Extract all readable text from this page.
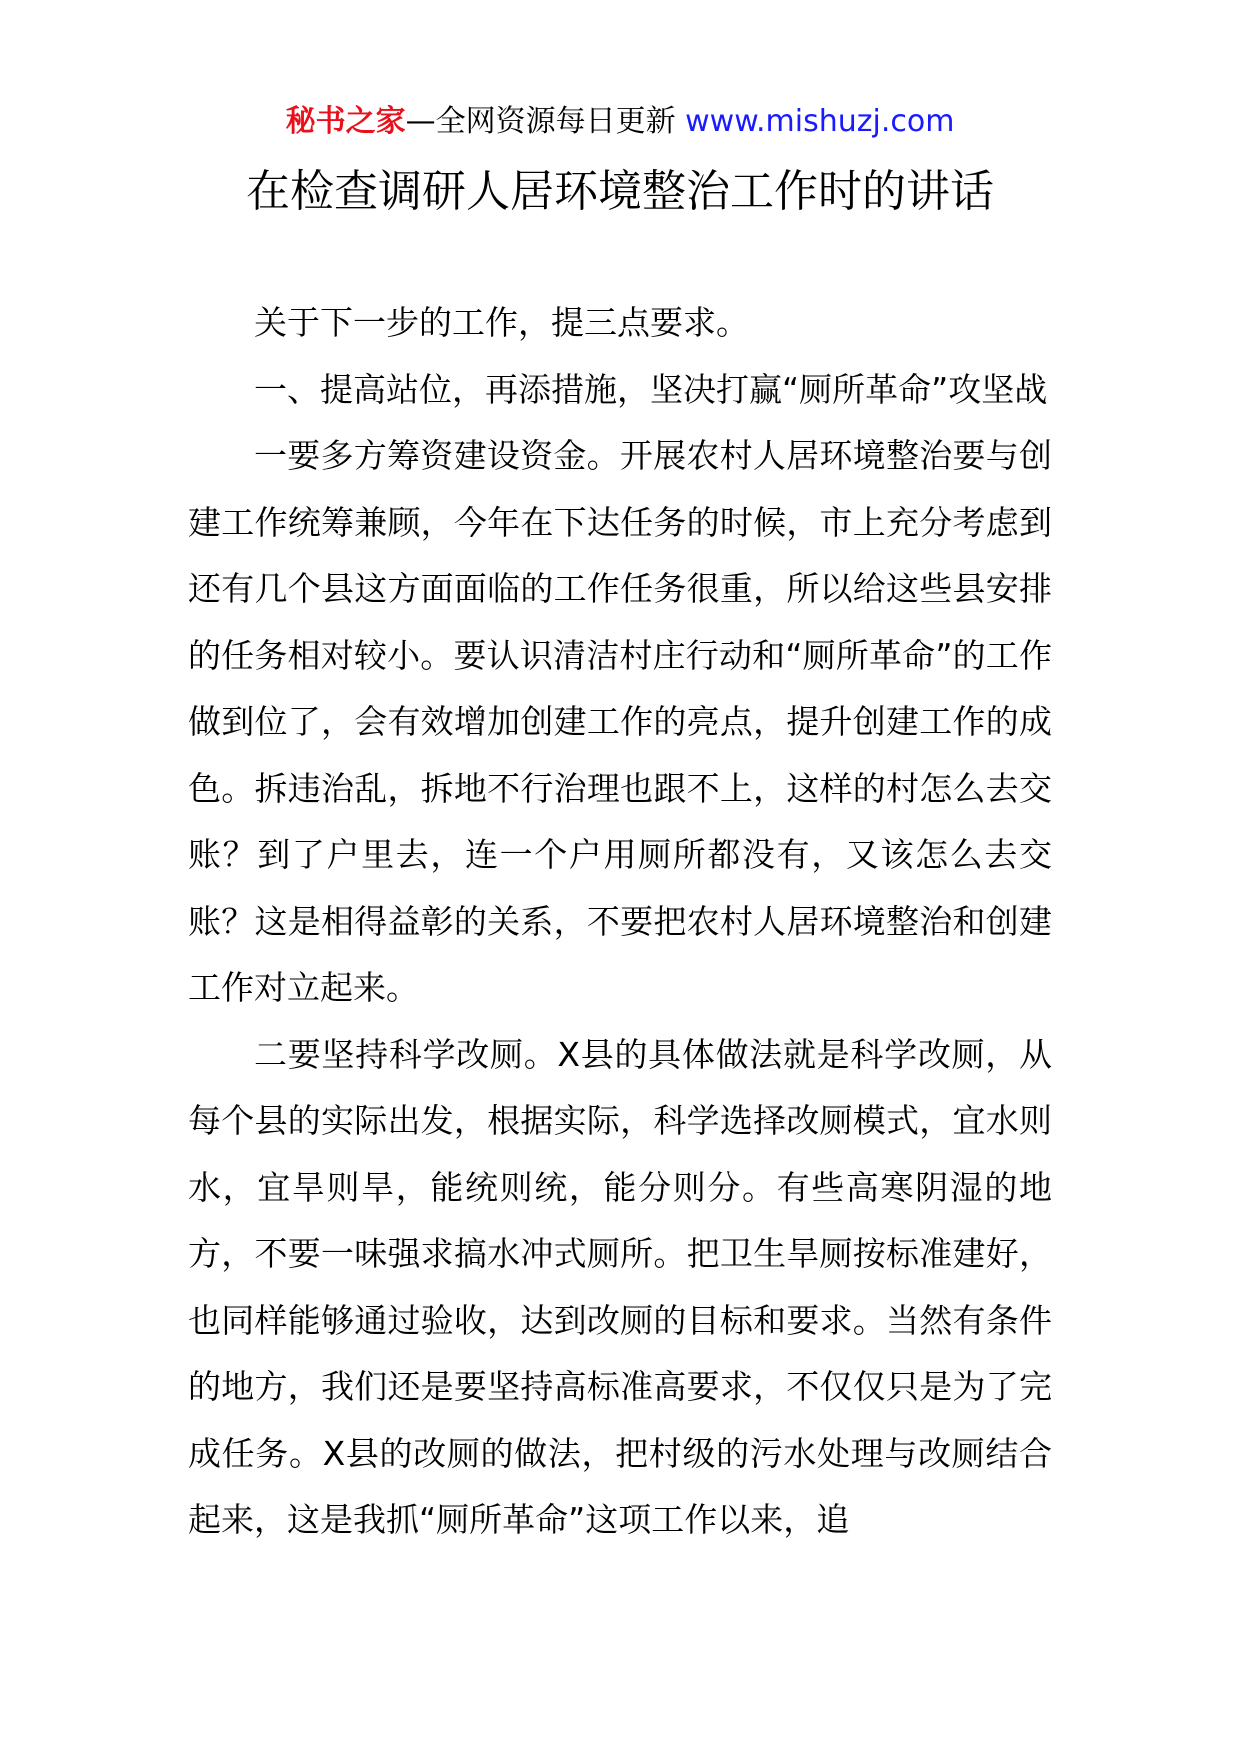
秘书之家—全网资源每日更新 www.mishuzj.com
在检查调研人居环境整治工作时的讲话

关于下一步的工作，提三点要求。

一、提高站位，再添措施，坚决打赢“厕所革命”攻坚战

一要多方筹资建设资金。开展农村人居环境整治要与创建工作统筹兼顾，今年在下达任务的时候，市上充分考虑到还有几个县这方面面临的工作任务很重，所以给这些县安排的任务相对较小。要认识清洁村庄行动和“厕所革命”的工作做到位了，会有效增加创建工作的亮点，提升创建工作的成色。拆违治乱，拆地不行治理也跟不上，这样的村怎么去交账？到了户里去，连一个户用厕所都没有，又该怎么去交账？这是相得益彰的关系，不要把农村人居环境整治和创建工作对立起来。

二要坚持科学改厕。X县的具体做法就是科学改厕，从每个县的实际出发，根据实际，科学选择改厕模式，宜水则水，宜旱则旱，能统则统，能分则分。有些高寒阴湿的地方，不要一味强求搞水冲式厕所。把卫生旱厕按标准建好，也同样能够通过验收，达到改厕的目标和要求。当然有条件的地方，我们还是要坚持高标准高要求，不仅仅只是为了完成任务。X县的改厕的做法，把村级的污水处理与改厕结合起来，这是我抓“厕所革命”这项工作以来，追
